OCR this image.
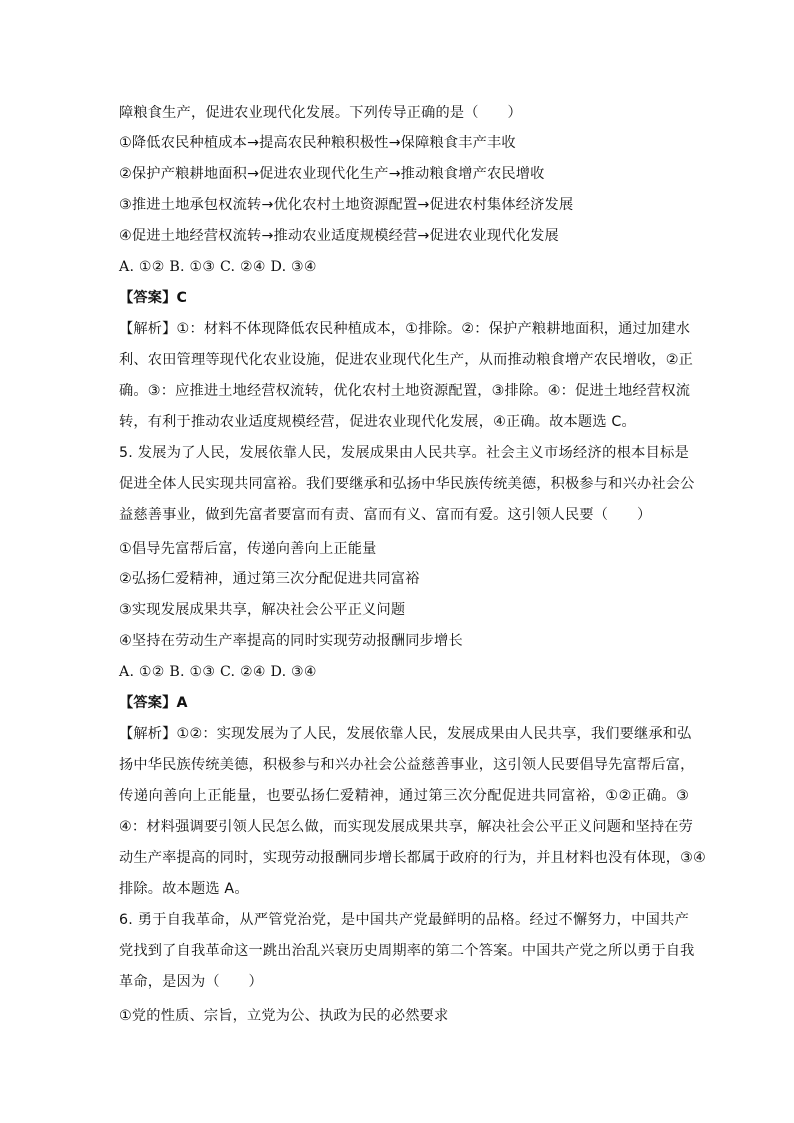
障粮食生产，促进农业现代化发展。下列传导正确的是（　　）
①降低农民种植成本→提高农民种粮积极性→保障粮食丰产丰收
②保护产粮耕地面积→促进农业现代化生产→推动粮食增产农民增收
③推进土地承包权流转→优化农村土地资源配置→促进农村集体经济发展
④促进土地经营权流转→推动农业适度规模经营→促进农业现代化发展
A. ①② B. ①③ C. ②④ D. ③④
【答案】C
【解析】①：材料不体现降低农民种植成本，①排除。②：保护产粮耕地面积，通过加建水
利、农田管理等现代化农业设施，促进农业现代化生产，从而推动粮食增产农民增收，②正
确。③：应推进土地经营权流转，优化农村土地资源配置，③排除。④：促进土地经营权流
转，有利于推动农业适度规模经营，促进农业现代化发展，④正确。故本题选 C。
5. 发展为了人民，发展依靠人民，发展成果由人民共享。社会主义市场经济的根本目标是
促进全体人民实现共同富裕。我们要继承和弘扬中华民族传统美德，积极参与和兴办社会公
益慈善事业，做到先富者要富而有责、富而有义、富而有爱。这引领人民要（　　）
①倡导先富帮后富，传递向善向上正能量
②弘扬仁爱精神，通过第三次分配促进共同富裕
③实现发展成果共享，解决社会公平正义问题
④坚持在劳动生产率提高的同时实现劳动报酬同步增长
A. ①② B. ①③ C. ②④ D. ③④
【答案】A
【解析】①②：实现发展为了人民，发展依靠人民，发展成果由人民共享，我们要继承和弘
扬中华民族传统美德，积极参与和兴办社会公益慈善事业，这引领人民要倡导先富帮后富，
传递向善向上正能量，也要弘扬仁爱精神，通过第三次分配促进共同富裕，①②正确。③
④：材料强调要引领人民怎么做，而实现发展成果共享，解决社会公平正义问题和坚持在劳
动生产率提高的同时，实现劳动报酬同步增长都属于政府的行为，并且材料也没有体现，③④
排除。故本题选 A。
6. 勇于自我革命，从严管党治党，是中国共产党最鲜明的品格。经过不懈努力，中国共产
党找到了自我革命这一跳出治乱兴衰历史周期率的第二个答案。中国共产党之所以勇于自我
革命，是因为（　　）
①党的性质、宗旨，立党为公、执政为民的必然要求
